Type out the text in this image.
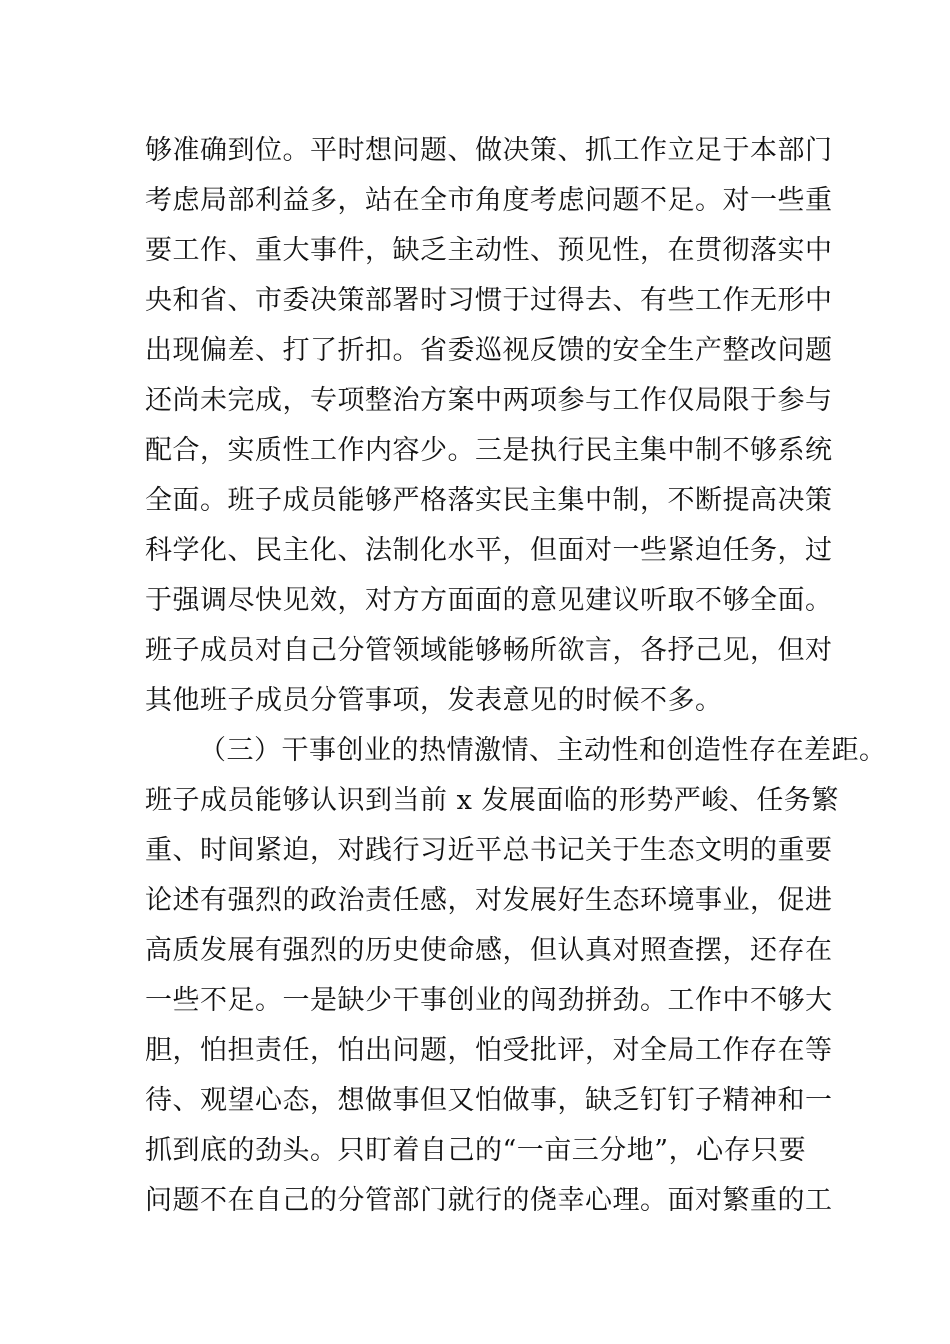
够准确到位。平时想问题、做决策、抓工作立足于本部门
考虑局部利益多，站在全市角度考虑问题不足。对一些重
要工作、重大事件，缺乏主动性、预见性，在贯彻落实中
央和省、市委决策部署时习惯于过得去、有些工作无形中
出现偏差、打了折扣。省委巡视反馈的安全生产整改问题
还尚未完成，专项整治方案中两项参与工作仅局限于参与
配合，实质性工作内容少。三是执行民主集中制不够系统
全面。班子成员能够严格落实民主集中制，不断提高决策
科学化、民主化、法制化水平，但面对一些紧迫任务，过
于强调尽快见效，对方方面面的意见建议听取不够全面。
班子成员对自己分管领域能够畅所欲言，各抒己见，但对
其他班子成员分管事项，发表意见的时候不多。
（三）干事创业的热情激情、主动性和创造性存在差距。
班子成员能够认识到当前 x 发展面临的形势严峻、任务繁
重、时间紧迫，对践行习近平总书记关于生态文明的重要
论述有强烈的政治责任感，对发展好生态环境事业，促进
高质发展有强烈的历史使命感，但认真对照查摆，还存在
一些不足。一是缺少干事创业的闯劲拼劲。工作中不够大
胆，怕担责任，怕出问题，怕受批评，对全局工作存在等
待、观望心态，想做事但又怕做事，缺乏钉钉子精神和一
抓到底的劲头。只盯着自己的“一亩三分地”，心存只要
问题不在自己的分管部门就行的侥幸心理。面对繁重的工
